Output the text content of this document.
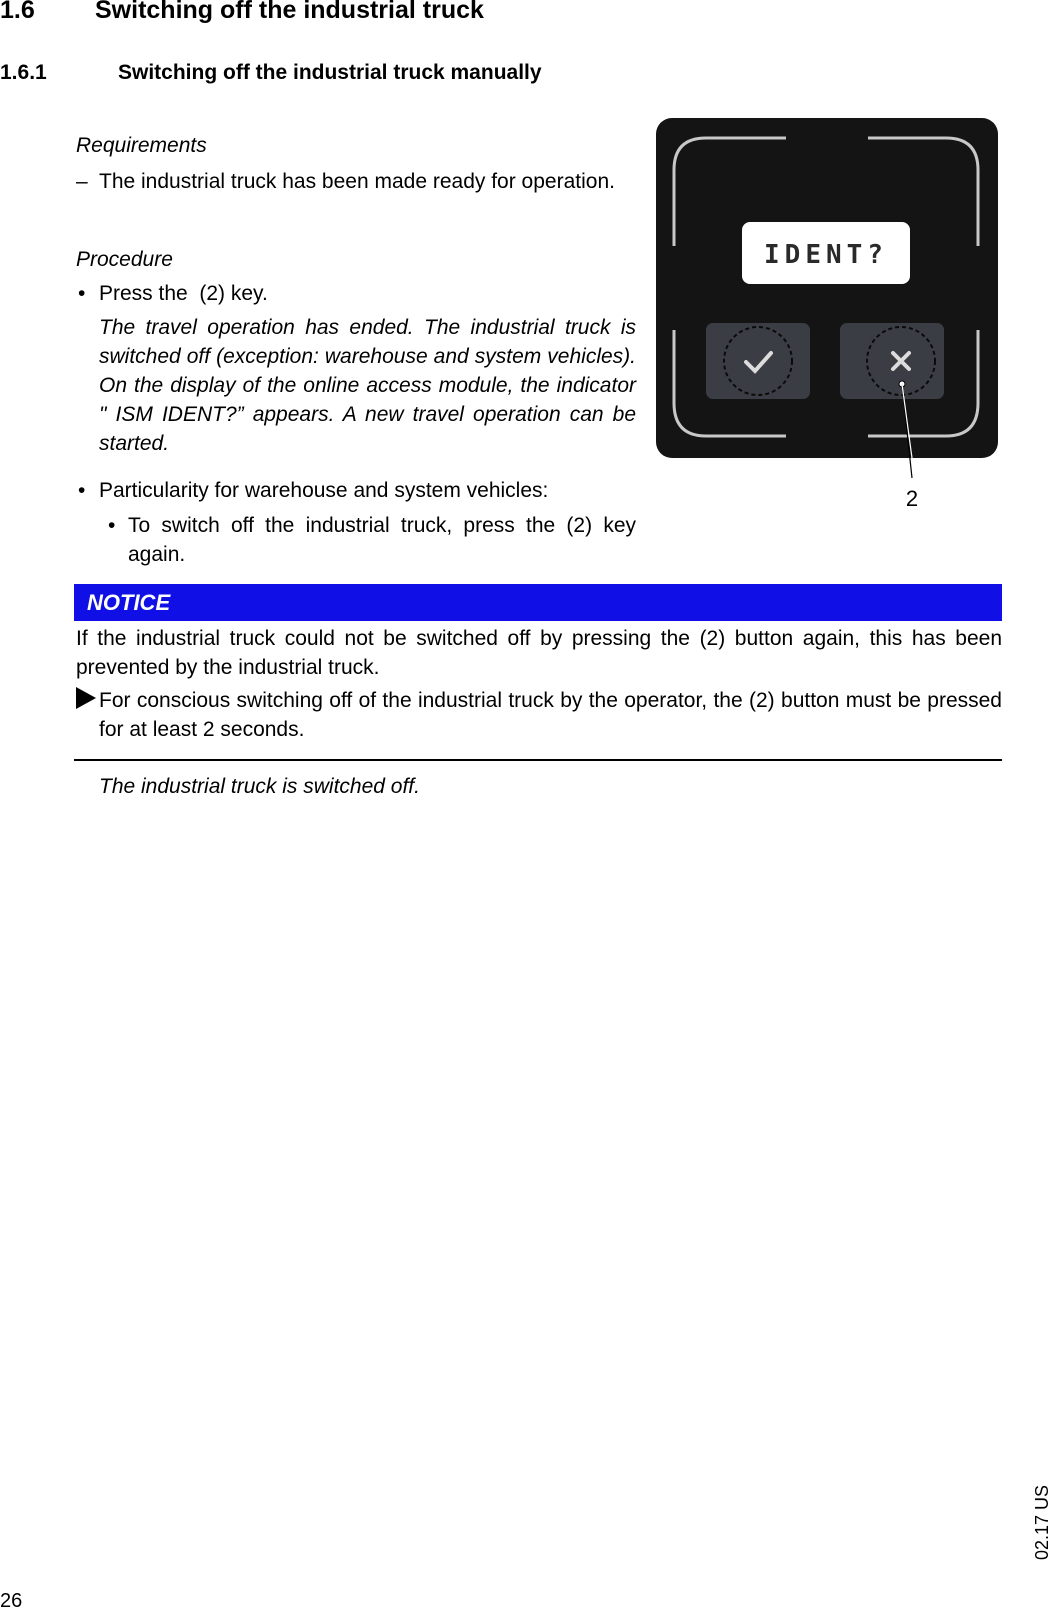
1.6 Switching off the industrial truck
1.6.1	Switching off the industrial truck manually
Requirements
– The industrial truck has been made ready for operation.
Procedure
• Press the  (2) key.
The travel operation has ended. The industrial truck is switched off (exception: warehouse and system vehicles). On the display of the online access module, the indicator " ISM IDENT?” appears. A new travel operation can be started.
• Particularity for warehouse and system vehicles:
• To switch off the industrial truck, press the (2) key again.
IDENT?
2
NOTICE
If the industrial truck could not be switched off by pressing the (2) button again, this has been prevented by the industrial truck.
For conscious switching off of the industrial truck by the operator, the (2) button must be pressed for at least 2 seconds.
The industrial truck is switched off.
26
02.17 US
